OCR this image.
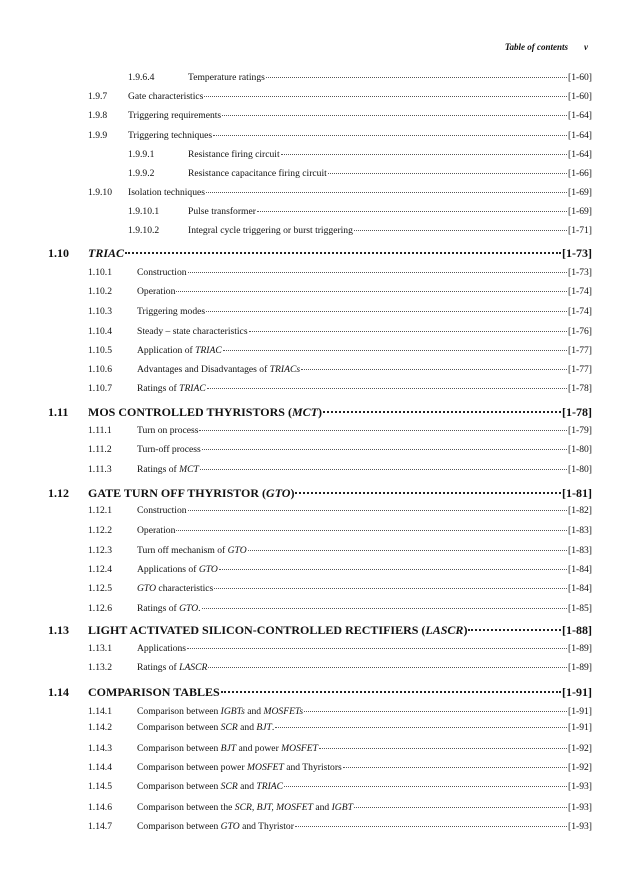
Table of contents v
1.9.6.4	Temperature ratings	[1-60]
1.9.7	Gate characteristics	[1-60]
1.9.8	Triggering requirements	[1-64]
1.9.9	Triggering techniques	[1-64]
1.9.9.1	Resistance firing circuit	[1-64]
1.9.9.2	Resistance capacitance firing circuit	[1-66]
1.9.10	Isolation techniques	[1-69]
1.9.10.1	Pulse transformer	[1-69]
1.9.10.2	Integral cycle triggering or burst triggering	[1-71]
1.10	TRIAC	[1-73]
1.10.1	Construction	[1-73]
1.10.2	Operation	[1-74]
1.10.3	Triggering modes	[1-74]
1.10.4	Steady – state characteristics	[1-76]
1.10.5	Application of TRIAC	[1-77]
1.10.6	Advantages and Disadvantages of TRIACs	[1-77]
1.10.7	Ratings of TRIAC	[1-78]
1.11	MOS CONTROLLED THYRISTORS (MCT)	[1-78]
1.11.1	Turn on process	[1-79]
1.11.2	Turn-off process	[1-80]
1.11.3	Ratings of MCT	[1-80]
1.12	GATE TURN OFF THYRISTOR (GTO)	[1-81]
1.12.1	Construction	[1-82]
1.12.2	Operation	[1-83]
1.12.3	Turn off mechanism of GTO	[1-83]
1.12.4	Applications of GTO	[1-84]
1.12.5	GTO characteristics	[1-84]
1.12.6	Ratings of GTO.	[1-85]
1.13	LIGHT ACTIVATED SILICON-CONTROLLED RECTIFIERS (LASCR)	[1-88]
1.13.1	Applications	[1-89]
1.13.2	Ratings of LASCR	[1-89]
1.14	COMPARISON TABLES	[1-91]
1.14.1	Comparison between IGBTs and MOSFETs	[1-91]
1.14.2	Comparison between SCR and BJT.	[1-91]
1.14.3	Comparison between BJT and power MOSFET	[1-92]
1.14.4	Comparison between power MOSFET and Thyristors	[1-92]
1.14.5	Comparison between SCR and TRIAC	[1-93]
1.14.6	Comparison between the SCR, BJT, MOSFET and IGBT	[1-93]
1.14.7	Comparison between GTO and Thyristor	[1-93]
